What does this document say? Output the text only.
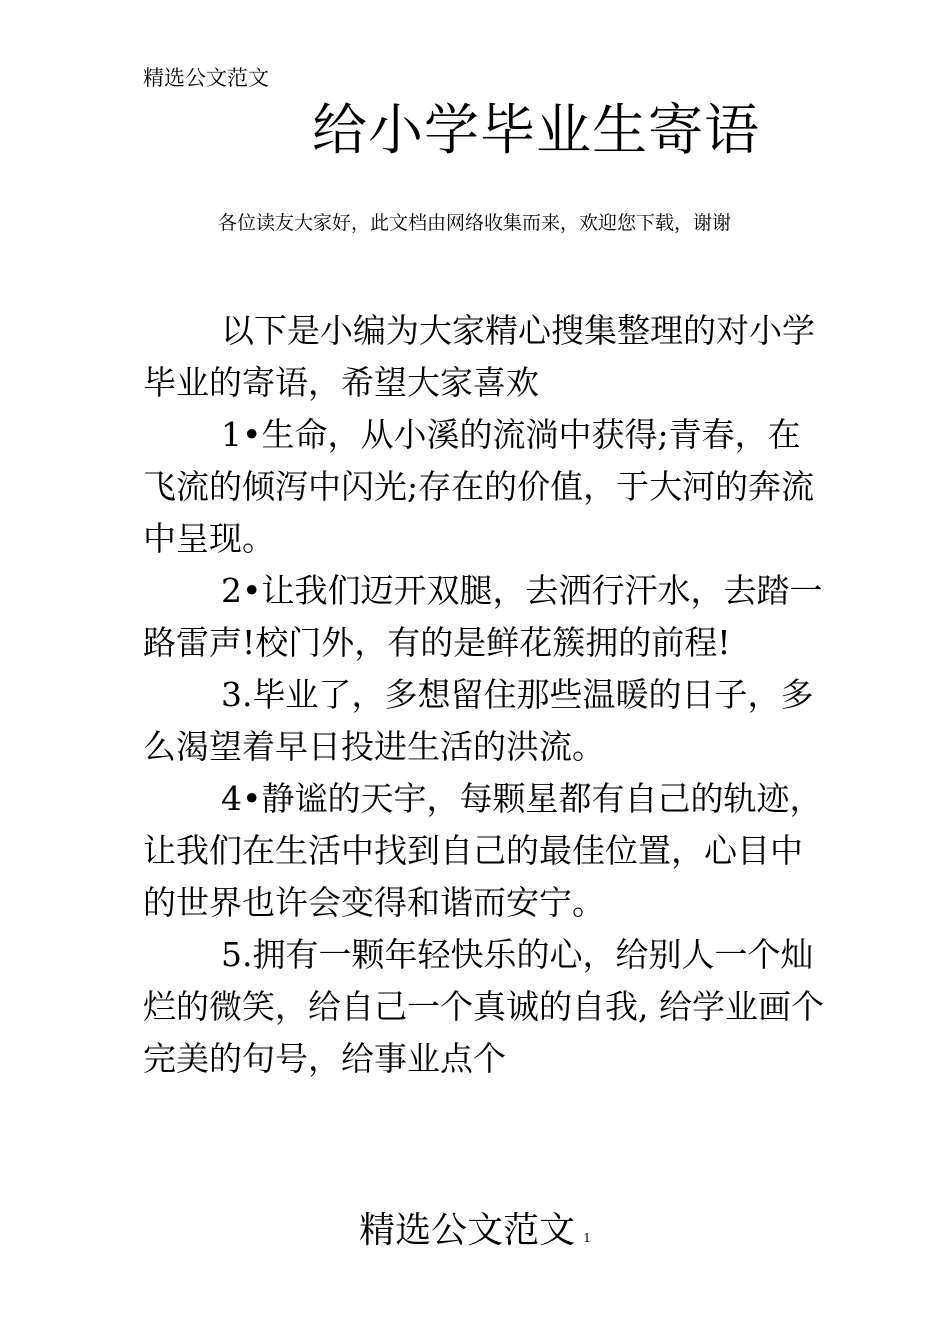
精选公文范文
给小学毕业生寄语
各位读友大家好，此文档由网络收集而来，欢迎您下载，谢谢

以下是小编为大家精心搜集整理的对小学毕业的寄语，希望大家喜欢

1•生命，从小溪的流淌中获得;青春，在飞流的倾泻中闪光;存在的价值，于大河的奔流中呈现。

2•让我们迈开双腿，去洒行汗水，去踏一路雷声!校门外，有的是鲜花簇拥的前程!

3.毕业了，多想留住那些温暖的日子，多么渴望着早日投进生活的洪流。

4•静谧的天宇，每颗星都有自己的轨迹，让我们在生活中找到自己的最佳位置，心目中的世界也许会变得和谐而安宁。

5.拥有一颗年轻快乐的心，给别人一个灿烂的微笑，给自己一个真诚的自我, 给学业画个完美的句号，给事业点个

精选公文范文 1
